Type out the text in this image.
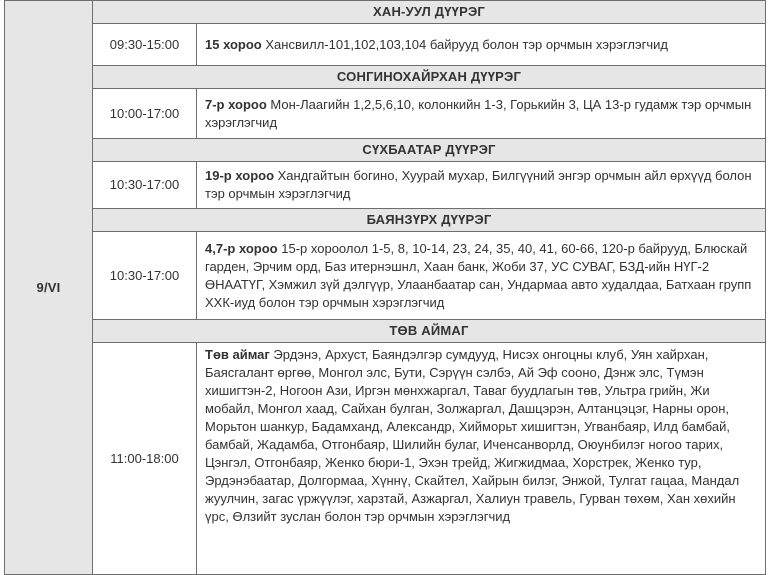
9/VI	ХАН-УУЛ ДҮҮРЭГ	
	09:30-15:00	15 хороо Хансвилл-101,102,103,104 байрууд болон тэр орчмын хэрэглэгчид
	СОНГИНОХАЙРХАН ДҮҮРЭГ	
	10:00-17:00	7-р хороо Мон-Лаагийн 1,2,5,6,10, колонкийн 1-3, Горькийн 3, ЦА 13-р гудамж тэр орчмын хэрэглэгчид
	СҮХБААТАР ДҮҮРЭГ	
	10:30-17:00	19-р хороо Хандгайтын богино, Хуурай мухар, Билгүүний энгэр орчмын айл өрхүүд болон тэр орчмын хэрэглэгчид
	БАЯНЗҮРХ ДҮҮРЭГ	
	10:30-17:00	4,7-р хороо 15-р хороолол 1-5, 8, 10-14, 23, 24, 35, 40, 41, 60-66, 120-р байрууд, Блюскай гарден, Эрчим орд, Баз итернэшнл, Хаан банк, Жоби 37, УС СУВАГ, БЗД-ийн НҮГ-2 ӨНААТҮГ, Хэмжил зүй дэлгүүр, Улаанбаатар сан, Ундармаа авто худалдаа, Батхаан групп ХХК-иуд болон тэр орчмын хэрэглэгчид
	ТӨВ АЙМАГ	
	11:00-18:00	Төв аймаг Эрдэнэ, Архуст, Баяндэлгэр сумдууд, Нисэх онгоцны клуб, Уян хайрхан, Баясгалант өргөө, Монгол элс, Бути, Сэрүүн сэлбэ, Ай Эф сооно, Дэнж элс, Түмэн хишигтэн-2, Ногоон Ази, Иргэн мөнхжаргал, Таваг буудлагын төв, Ультра грийн, Жи мобайл, Монгол хаад, Сайхан булган, Золжаргал, Дашцэрэн, Алтанцэцэг, Нарны орон, Морьтон шанкур, Бадамханд, Александр, Хийморьт хишигтэн, Угванбаяр, Илд бамбай, бамбай, Жадамба, Отгонбаяр, Шилийн булаг, Иченсанворлд, Оюунбилэг ногоо тарих, Цэнгэл, Отгонбаяр, Женко бюри-1, Эхэн трейд, Жигжидмаа, Хорстрек, Женко тур, Эрдэнэбаатар, Долгормаа, Хүннү, Скайтел, Хайрын билэг, Энжой, Тулгат гацаа, Мандал жуулчин, загас үржүүлэг, харзтай, Азжаргал, Халиун травель, Гурван төхөм, Хан хөхийн үрс, Өлзийт зуслан болон тэр орчмын хэрэглэгчид
